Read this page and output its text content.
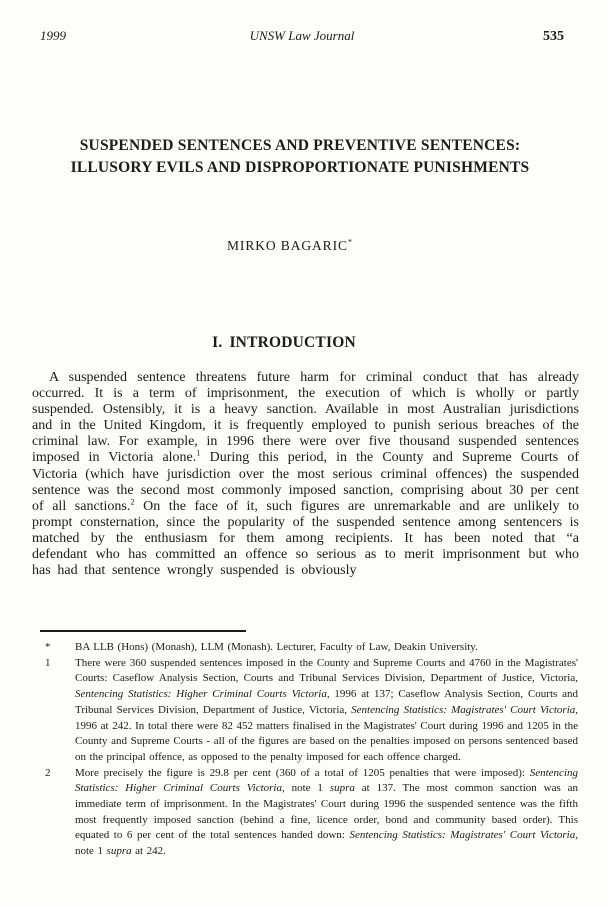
1999	UNSW Law Journal	535
SUSPENDED SENTENCES AND PREVENTIVE SENTENCES:
ILLUSORY EVILS AND DISPROPORTIONATE PUNISHMENTS
MIRKO BAGARIC*
I. INTRODUCTION

A suspended sentence threatens future harm for criminal conduct that has already occurred. It is a term of imprisonment, the execution of which is wholly or partly suspended. Ostensibly, it is a heavy sanction. Available in most Australian jurisdictions and in the United Kingdom, it is frequently employed to punish serious breaches of the criminal law. For example, in 1996 there were over five thousand suspended sentences imposed in Victoria alone.$^1$ During this period, in the County and Supreme Courts of Victoria (which have jurisdiction over the most serious criminal offences) the suspended sentence was the second most commonly imposed sanction, comprising about 30 per cent of all sanctions.$^2$ On the face of it, such figures are unremarkable and are unlikely to prompt consternation, since the popularity of the suspended sentence among sentencers is matched by the enthusiasm for them among recipients. It has been noted that “a defendant who has committed an offence so serious as to merit imprisonment but who has had that sentence wrongly suspended is obviously

*	BA LLB (Hons) (Monash), LLM (Monash). Lecturer, Faculty of Law, Deakin University.
1	There were 360 suspended sentences imposed in the County and Supreme Courts and 4760 in the Magistrates' Courts: Caseflow Analysis Section, Courts and Tribunal Services Division, Department of Justice, Victoria, Sentencing Statistics: Higher Criminal Courts Victoria, 1996 at 137; Caseflow Analysis Section, Courts and Tribunal Services Division, Department of Justice, Victoria, Sentencing Statistics: Magistrates' Court Victoria, 1996 at 242. In total there were 82 452 matters finalised in the Magistrates' Court during 1996 and 1205 in the County and Supreme Courts - all of the figures are based on the penalties imposed on persons sentenced based on the principal offence, as opposed to the penalty imposed for each offence charged.
2	More precisely the figure is 29.8 per cent (360 of a total of 1205 penalties that were imposed): Sentencing Statistics: Higher Criminal Courts Victoria, note 1 supra at 137. The most common sanction was an immediate term of imprisonment. In the Magistrates' Court during 1996 the suspended sentence was the fifth most frequently imposed sanction (behind a fine, licence order, bond and community based order). This equated to 6 per cent of the total sentences handed down: Sentencing Statistics: Magistrates' Court Victoria, note 1 supra at 242.
